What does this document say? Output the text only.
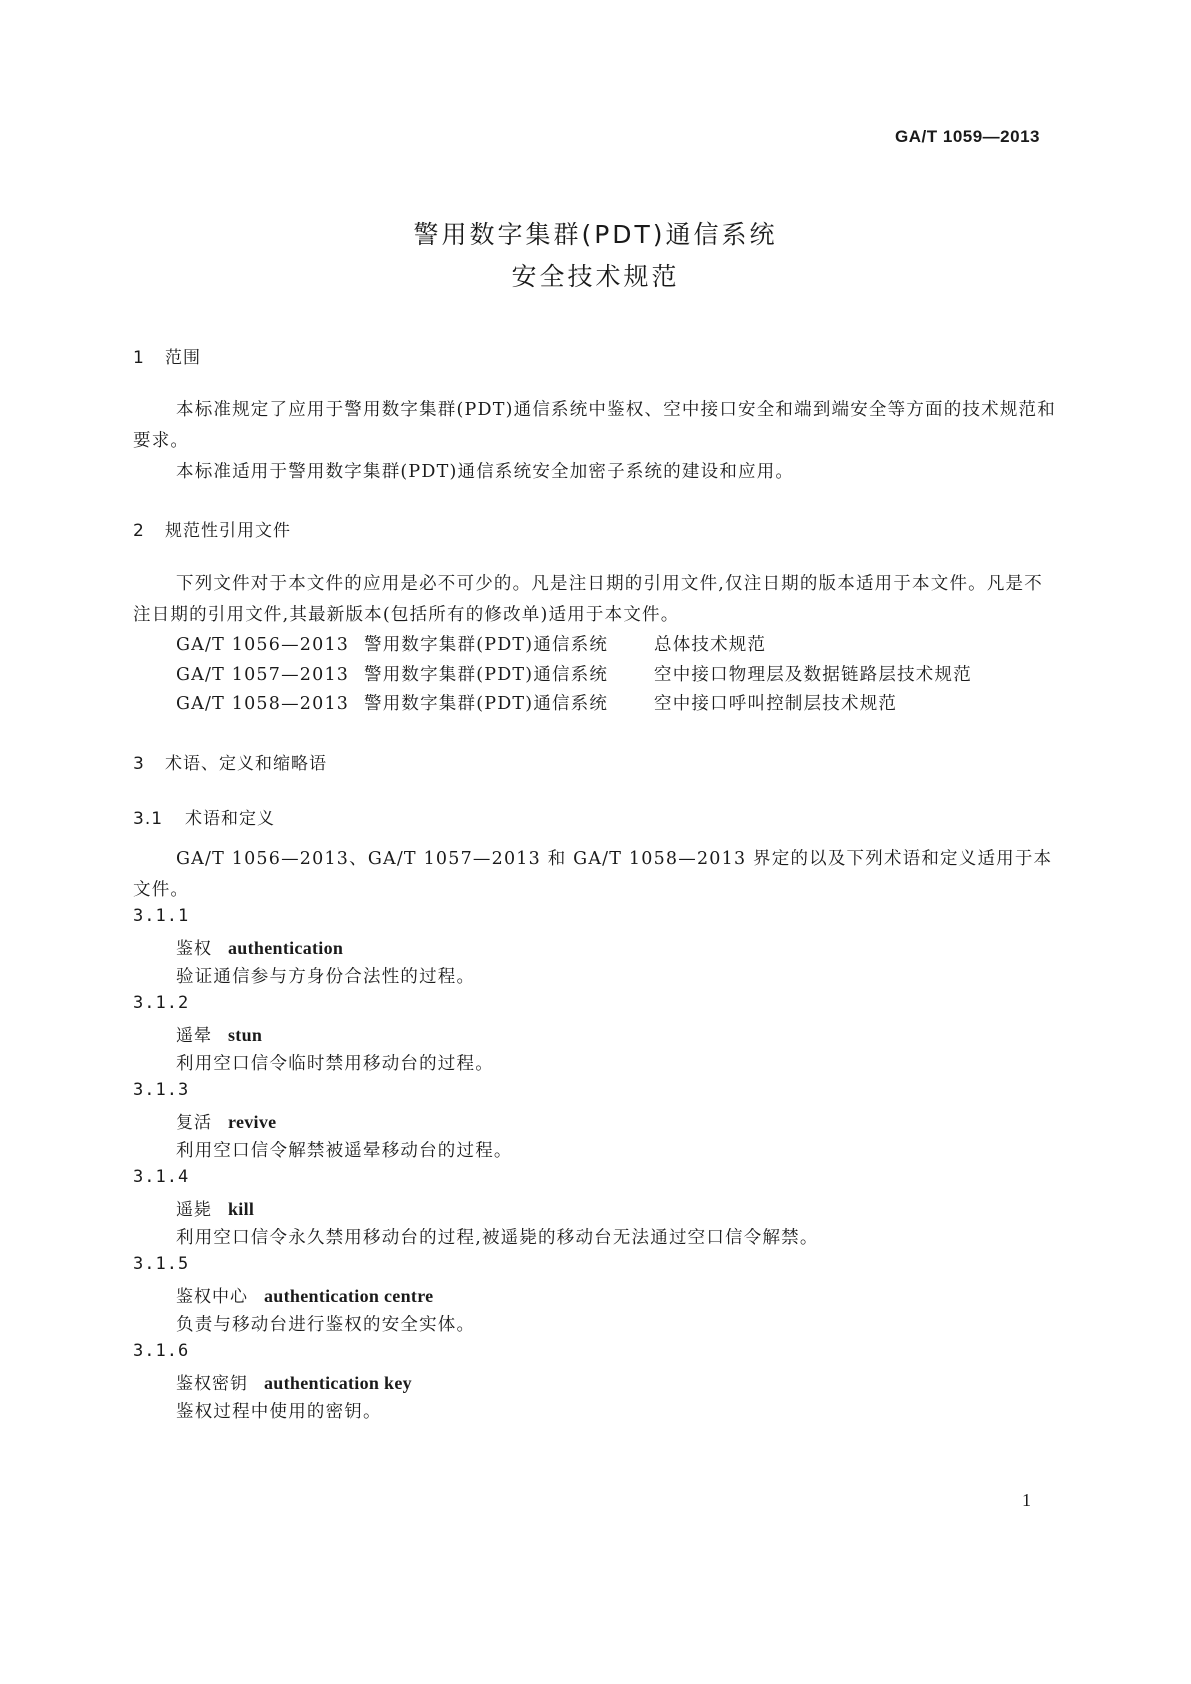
GA/T 1059—2013
警用数字集群(PDT)通信系统
安全技术规范
1 范围

本标准规定了应用于警用数字集群(PDT)通信系统中鉴权、空中接口安全和端到端安全等方面的技术规范和要求。

本标准适用于警用数字集群(PDT)通信系统安全加密子系统的建设和应用。

2 规范性引用文件

下列文件对于本文件的应用是必不可少的。凡是注日期的引用文件,仅注日期的版本适用于本文件。凡是不注日期的引用文件,其最新版本(包括所有的修改单)适用于本文件。

GA/T 1056—2013 警用数字集群(PDT)通信系统	总体技术规范
GA/T 1057—2013 警用数字集群(PDT)通信系统	空中接口物理层及数据链路层技术规范
GA/T 1058—2013 警用数字集群(PDT)通信系统	空中接口呼叫控制层技术规范
3 术语、定义和缩略语
3.1 术语和定义

GA/T 1056—2013、GA/T 1057—2013 和 GA/T 1058—2013 界定的以及下列术语和定义适用于本文件。

3.1.1
鉴权 authentication
验证通信参与方身份合法性的过程。
3.1.2
遥晕 stun
利用空口信令临时禁用移动台的过程。
3.1.3
复活 revive
利用空口信令解禁被遥晕移动台的过程。
3.1.4
遥毙 kill
利用空口信令永久禁用移动台的过程,被遥毙的移动台无法通过空口信令解禁。
3.1.5
鉴权中心 authentication centre
负责与移动台进行鉴权的安全实体。
3.1.6
鉴权密钥 authentication key
鉴权过程中使用的密钥。
1
